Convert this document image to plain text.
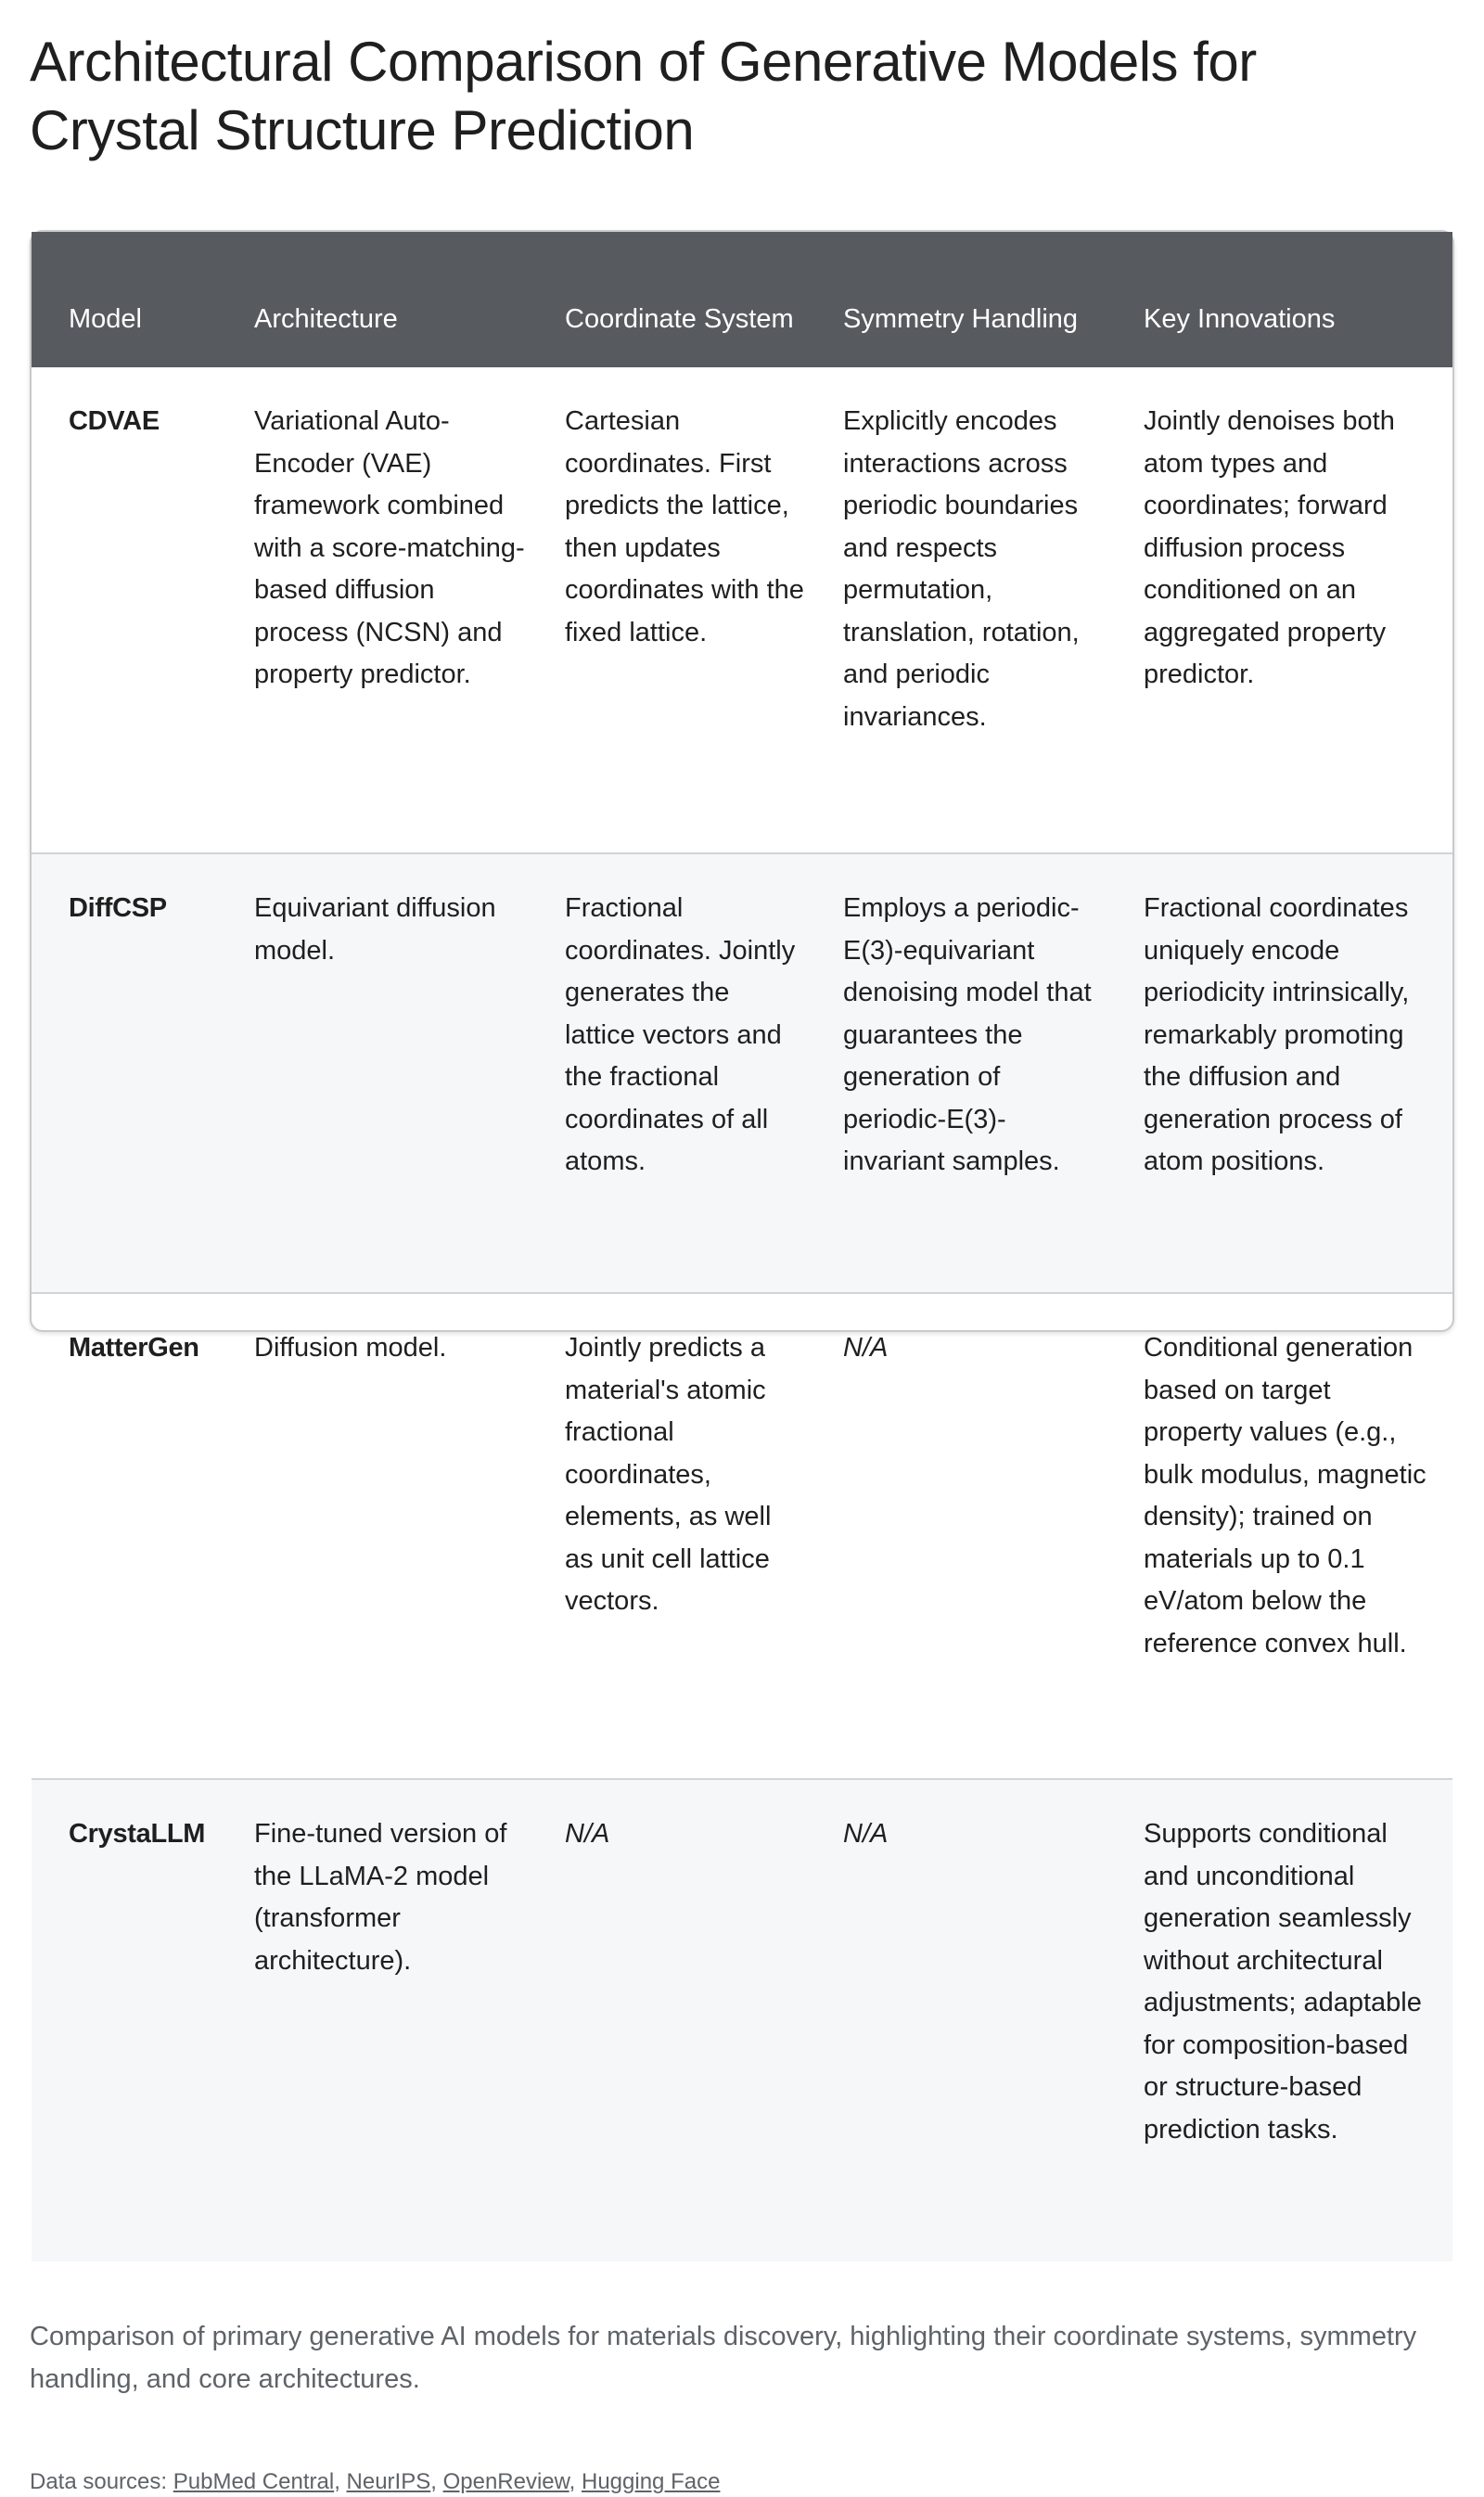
Architectural Comparison of Generative Models for Crystal Structure Prediction
Model	Architecture	Coordinate System	Symmetry Handling	Key Innovations
CDVAE	Variational Auto-Encoder (VAE) framework combined with a score-matching-based diffusion process (NCSN) and property predictor.	Cartesian coordinates. First predicts the lattice, then updates coordinates with the fixed lattice.	Explicitly encodes interactions across periodic boundaries and respects permutation, translation, rotation, and periodic invariances.	Jointly denoises both atom types and coordinates; forward diffusion process conditioned on an aggregated property predictor.
DiffCSP	Equivariant diffusion model.	Fractional coordinates. Jointly generates the lattice vectors and the fractional coordinates of all atoms.	Employs a periodic-E(3)-equivariant denoising model that guarantees the generation of periodic-E(3)-invariant samples.	Fractional coordinates uniquely encode periodicity intrinsically, remarkably promoting the diffusion and generation process of atom positions.
MatterGen	Diffusion model.	Jointly predicts a material's atomic fractional coordinates, elements, as well as unit cell lattice vectors.	N/A	Conditional generation based on target property values (e.g., bulk modulus, magnetic density); trained on materials up to 0.1 eV/atom below the reference convex hull.
CrystaLLM	Fine-tuned version of the LLaMA-2 model (transformer architecture).	N/A	N/A	Supports conditional and unconditional generation seamlessly without architectural adjustments; adaptable for composition-based or structure-based prediction tasks.

Comparison of primary generative AI models for materials discovery, highlighting their coordinate systems, symmetry handling, and core architectures.

Data sources: PubMed Central, NeurIPS, OpenReview, Hugging Face
